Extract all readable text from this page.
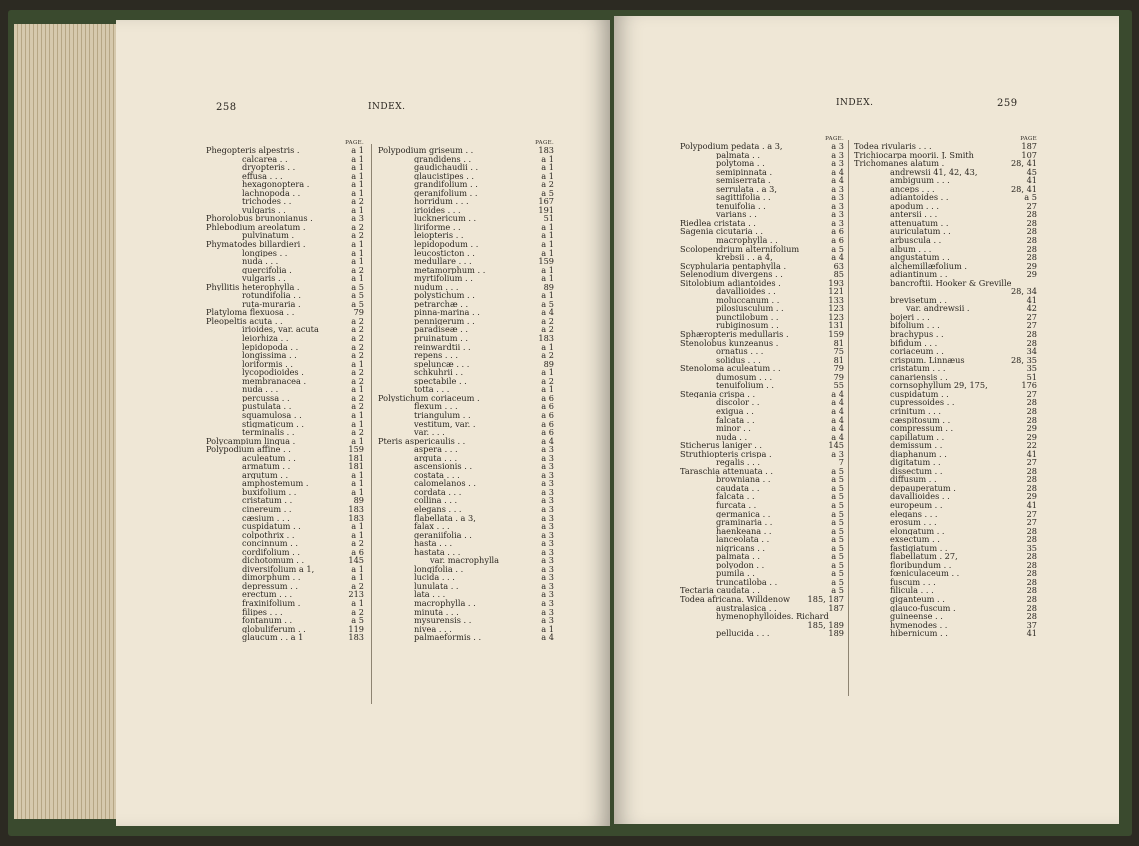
258	INDEX.
PAGE.
Phegopteris alpestris .	a 1
calcarea . .	a 1
dryopteris . .	a 1
effusa . . .	a 1
hexagonoptera .	a 1
lachnopoda . .	a 1
trichodes . .	a 2
vulgaris . .	a 1
Phorolobus brunonianus .	a 3
Phlebodium areolatum .	a 2
pulvinatum .	a 2
Phymatodes billardieri .	a 1
longipes . .	a 1
nuda . . .	a 1
quercifolia .	a 2
vulgaris . .	a 1
Phyllitis heterophylla .	a 5
rotundifolia . .	a 5
ruta-muraria .	a 5
Platyloma flexuosa . .	79
Pleopeltis acuta . .	a 2
irioides, var. acuta	a 2
leiorhiza . .	a 2
lepidopoda . .	a 2
longissima . .	a 2
loriformis . .	a 1
lycopodioides .	a 2
membranacea .	a 2
nuda . . .	a 1
percussa . .	a 2
pustulata . .	a 2
squamulosa . .	a 1
stigmaticum . .	a 1
terminalis . .	a 2
Polycampium lingua .	a 1
Polypodium affine . .	159
aculeatum . .	181
armatum . .	181
argutum . .	a 1
amphostemum .	a 1
buxifolium . .	a 1
cristatum . .	89
cinereum . .	183
cæsium . . .	183
cuspidatum . .	a 1
colpothrix . .	a 1
concinnum . .	a 2
cordifolium . .	a 6
dichotomum . .	145
diversifolium a 1,	a 1
dimorphum . .	a 1
depressum . .	a 2
erectum . . .	213
fraxinifolium .	a 1
filipes . . .	a 2
fontanum . .	a 5
globuliferum . .	119
glaucum . . a 1	183
PAGE.
Polypodium griseum . .	183
grandidens . .	a 1
gaudichaudii . .	a 1
glaucistipes . .	a 1
grandifolium . .	a 2
geranifolium . .	a 5
horridum . . .	167
irioides . . .	191
lucknericum . .	51
liriforme . .	a 1
leiopteris . .	a 1
lepidopodum . .	a 1
leucosticton . .	a 1
medullare . . .	159
metamorphum . .	a 1
myrtifolium . .	a 1
nudum . . .	89
polystichum . .	a 1
petrarchæ . .	a 5
pinna-marina . .	a 4
pennigerum . .	a 2
paradiseæ . .	a 2
pruinatum . .	183
reinwardtii . .	a 1
repens . . .	a 2
speluncæ . . .	89
schkuhrii . .	a 1
spectabile . .	a 2
totta . . .	a 1
Polystichum coriaceum .	a 6
flexum . . .	a 6
triangulum . .	a 6
vestitum, var. .	a 6
var. . . .	a 6
Pteris aspericaulis . .	a 4
aspera . . .	a 3
arguta . . .	a 3
ascensionis . .	a 3
costata . . .	a 3
calomelanos . .	a 3
cordata . . .	a 3
collina . . .	a 3
elegans . . .	a 3
flabellata . a 3,	a 3
falax . . .	a 3
geraniifolia . .	a 3
hasta . . .	a 3
hastata . . .	a 3
var. macrophylla	a 3
longifolia . .	a 3
lucida . . .	a 3
lunulata . .	a 3
lata . . .	a 3
macrophylla . .	a 3
minuta . . .	a 3
mysurensis . .	a 3
nivea . . .	a 1
palmaeformis . .	a 4
INDEX.	259
PAGE.
Polypodium pedata . a 3,	a 3
palmata . .	a 3
polytoma . .	a 3
semipinnata .	a 4
semiserrata .	a 4
serrulata . a 3,	a 3
sagittifolia . .	a 3
tenuifolia . .	a 3
varians . .	a 3
Riedlea cristata . .	a 3
Sagenia cicutaria . .	a 6
macrophylla . .	a 6
Scolopendrium alternifolium	a 5
krebsii . . a 4,	a 4
Scyphularia pentaphylla .	63
Selenodium divergens . .	85
Sitolobium adiantoides .	193
davallioides . .	121
moluccanum . .	133
pilosiusculum . .	123
punctilobum . .	123
rubiginosum . .	131
Sphæropteris medullaris .	159
Stenolobus kunzeanus .	81
ornatus . . .	75
solidus . . .	81
Stenoloma aculeatum . .	79
dumosum . . .	79
tenuifolium . .	55
Stegania crispa . .	a 4
discolor . .	a 4
exigua . .	a 4
falcata . .	a 4
minor . .	a 4
nuda . .	a 4
Sticherus laniger . .	145
Struthiopteris crispa .	a 3
regalis . . .	7
Taraschia attenuata . .	a 5
browniana . .	a 5
caudata . .	a 5
falcata . .	a 5
furcata . .	a 5
germanica . .	a 5
graminaria . .	a 5
haenkeana . .	a 5
lanceolata . .	a 5
nigricans . .	a 5
palmata . .	a 5
polyodon . .	a 5
pumila . .	a 5
truncatiloba . .	a 5
Tectaria caudata . .	a 5
Todea africana. Willdenow	185, 187
australasica . .	187
hymenophylloides. Richard
185, 189
pellucida . . .	189
PAGE
Todea rivularis . . .	187
Trichiocarpa moorii. J. Smith	107
Trichomanes alatum .	28, 41
andrewsii 41, 42, 43,	45
ambiguum . . .	41
anceps . . .	28, 41
adiantoides . .	a 5
apodum . . .	27
antersii . . .	28
attenuatum . .	28
auriculatum . .	28
arbuscula . .	28
album . . .	28
angustatum . .	28
alchemillæfolium .	29
adiantinum . .	29
bancroftii. Hooker & Greville
28, 34
brevisetum . .	41
var. andrewsii .	42
bojeri . . .	27
bifolium . . .	27
brachypus . .	28
bifidum . . .	28
coriaceum . .	34
crispum. Linnæus	28, 35
cristatum . . .	35
canariensis . .	51
cornsophyllum 29, 175,	176
cuspidatum . .	27
cupressoides . .	28
crinitum . . .	28
cæspitosum . .	28
compressum . .	29
capillatum . .	29
demissum . .	22
diaphanum . .	41
digitatum . .	27
dissectum . .	28
diffusum . .	28
depauperatum .	28
davallioides . .	29
europeum . .	41
elegans . . .	27
erosum . . .	27
elongatum . .	28
exsectum . .	28
fastigiatum . .	35
flabellatum . 27,	28
floribundum . .	28
fœniculaceum . .	28
fuscum . . .	28
filicula . . .	28
giganteum . .	28
glauco-fuscum .	28
guineense . .	28
hymenodes . .	37
hibernicum . .	41
